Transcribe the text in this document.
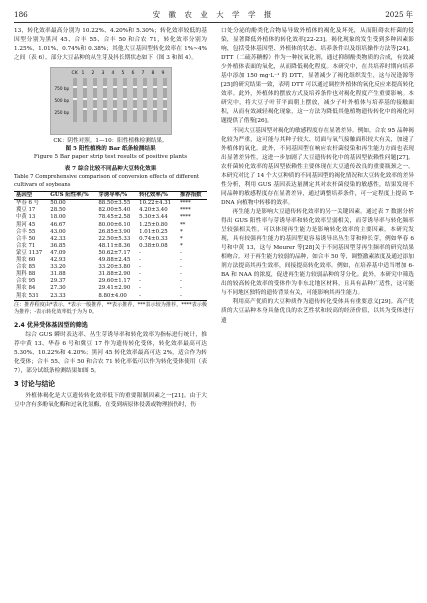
186	安 徽 农 业 大 学 学 报	2025 年

13，转化效率最高分别为 10.22%、4.20%和 5.30%；转化效率较低的基因型分别为黑河 45、合丰 55、合丰 50 和合农 71，转化效率分别为 1.25%、1.01%、0.74%和 0.38%；其他大豆基因型转化效率在 1%~4%之间（表 6）。部分大豆品种的从生芽及抖长期状态如下（图 3 和图 4）。

CK 1 2 3 4 5 6 7 8 9
750 bp
500 bp
250 bp

CK：阴性对照。1—10：阳性植株检测结果。

图 5 阳性植株的 Bar 纸条检测结果

Figure 5 Bar paper strip test results of positive plants

表 7 综合比较不同品种大豆转化效果

Table 7 Comprehensive comparison of conversion effects of different cultivars of soybeans

基因型	GUS 阳性率/%	芽诱导率/%	转化效率/%	推荐指数
华春 6 号	50.00	88.50±3.55	10.22±4.31	****
冀豆 17	28.50	82.00±5.40	4.20±3.40	****
中黄 13	18.00	78.45±2.58	5.30±3.44	****
黑河 45	46.67	80.00±6.10	1.25±0.80	**
合丰 55	43.00	26.85±3.90	1.01±0.25	*
合丰 50	42.33	22.50±5.33	0.74±0.33	*
合农 71	36.85	48.11±8.36	0.38±0.08	*
蒙豆 1137	47.09	50.62±7.17	-	-
黑农 60	42.93	49.88±2.45	-	-
合农 85	33.20	33.20±3.80	-	-
黑科 88	31.88	31.88±2.90	-	-
合农 95	29.37	29.60±1.17	-	-
黑农 84	27.30	29.41±2.90	-	-
黑农 531	23.33	8.80±4.00	-	-

注：推荐程度由*表示，*表示一般推荐，**表示推荐，***表示较为推荐，****表示极为推荐；-表示转化效率低于为为 0。

2.4 优异受体基因型的筛选

综合 GUS 瞬时表达率、丛生芽诱导率和转化效率为指标进行统计，推荐中黄 13、华春 6 号和冀豆 17 作为遗传转化受体，转化效率最高可达 5.30%、10.22%和 4.20%；黑河 45 转化效率最高可达 2%，适合作为转化受体；合丰 55、合丰 50 和合农 71 转化率低可以作为转化受体使用（表 7），部分试纸条检测结果如图 5。

3 讨论与结论

外植体褐化是大豆遗传转化效率低下的重要限制因素之一[21]。由于大豆中含有多酚氧化酶和过氧化氢酶，在受到病原体侵袭或物理损伤时，伤

口处分泌的酚类化合物易导致外植体的褐化及坏死，从而阻碍农杆菌的侵染，显著降低外植体的转化效率[22-23]。褐化现象的发生受到多种因素影响，包括受体基因型、外植体的状态、培养条件以及组培操作方法等[24]。DTT（二硫苏糖醇）作为一种抗氧化剂，通过抑制酚类物质的合成，有效减少外植体表面的氧化，从而降低褐化程度。本研究中，在共培养时期向培养基中添加 150 mg·L⁻¹ 的 DTT，显著减少了褐化组织发生，这与况逢源等[25]的研究结果一致，表明 DTT 可以通过调控外植体的氧化反应来提高转化效率。此外，外植体的摆放方式及培养条件也对褐化程度产生重要影响。本研究中，将大豆子叶节平面朝上摆放，减少子叶外植体与培养基的接触面积，从而有效减轻褐化现象，这一方法为降低其他植物遗传转化中的褐化问题提供了借鉴[26]。

不同大豆基因型对褐化的敏感程度存在显著差异。例如，合农 95 品种褐化较为严重，这可能与其种子较大、切面与氧气接触面积较大有关，加速了外植体的氧化。此外，不同基因型在响应农杆菌侵染和再生能力方面也表现出显著差异性，这进一步加剧了大豆遗传转化中的基因型依赖性问题[27]。农杆菌转化效率的基因型依赖性主要体现在大豆遗传改良的重要瓶颈之一。本研究对比了 14 个大豆种质的不同基因型的褐化情况和大豆转化效率的差异性分析，利用 GUS 基因表达量测定其对农杆菌侵染的敏感性，结果发现不同品种的敏感程度存在显著差异，通过调整培养条件，可一定程度上提高 T-DNA 向植物中转移的效率。

再生能力是影响大豆遗传转化效率的另一关键因素。通过表 7 数据分析得出 GUS 阳性率与芽诱导率和转化效率呈弱相关，而芽诱导率与转化频率呈较强相关性，可以体现再生能力是影响转化效率的主要因素。本研究发现，具有较强再生能力的基因型更容易诱导出丛生芽和伸长芽，例如华春 6 号和中黄 13，这与 Meurer 等[28]关于不同基因型芽再生频率的研究结果相吻合。对于再生能力较弱的品种，如合丰 50 等，调整激素浓度及通过添加剂方法提高其再生效率，间接提高转化效率。例如，在培养基中适当增加 6-BA 和 NAA 的浓度，促进再生能力较弱品种的芽分化。此外，本研究中筛选出的较高转化效率的受体作为非东北地区材料，且具有品种广适性，这可能与不同地区独特的遗传背景有关，可能影响其再生能力。

利用高产优质的大豆种质作为遗传转化受体具有重要意义[29]。高产优质的大豆品种本身具备优良的农艺性状和较高的经济价值，以其为受体进行遗
